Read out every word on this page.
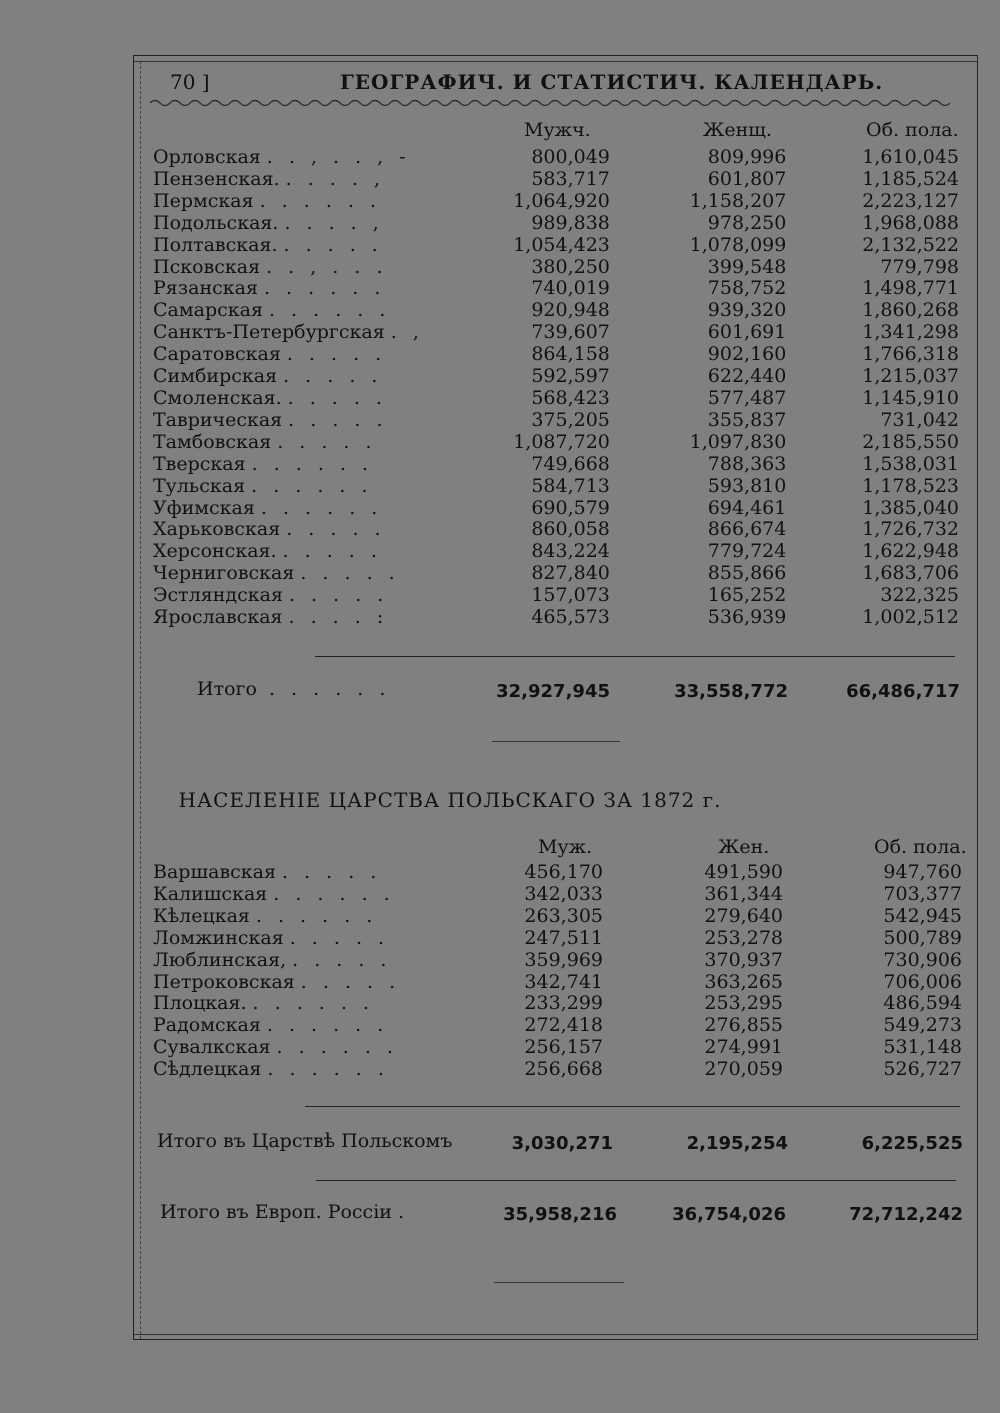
70 ]	ГЕОГРАФИЧ. И СТАТИСТИЧ. КАЛЕНДАРЬ.
Мужч.	Женщ.	Об. пола.
Орловская . . , . . , -		800,049	809,996	1,610,045
Пензенская. . . . . ,		583,717	601,807	1,185,524
Пермская . . . . . .		1,064,920	1,158,207	2,223,127
Подольская. . . . . ,		989,838	978,250	1,968,088
Полтавская. . . . . .		1,054,423	1,078,099	2,132,522
Псковская . . , . . .		380,250	399,548	779,798
Рязанская . . . . . .		740,019	758,752	1,498,771
Самарская . . . . . .		920,948	939,320	1,860,268
Санктъ-Петербургская . ,		739,607	601,691	1,341,298
Саратовская . . . . .		864,158	902,160	1,766,318
Симбирская . . . . .		592,597	622,440	1,215,037
Смоленская. . . . . .		568,423	577,487	1,145,910
Таврическая . . . . .		375,205	355,837	731,042
Тамбовская . . . . .		1,087,720	1,097,830	2,185,550
Тверская . . . . . .		749,668	788,363	1,538,031
Тульская . . . . . .		584,713	593,810	1,178,523
Уфимская . . . . . .		690,579	694,461	1,385,040
Харьковская . . . . .		860,058	866,674	1,726,732
Херсонская. . . . . .		843,224	779,724	1,622,948
Черниговская . . . . .		827,840	855,866	1,683,706
Эстляндская . . . . .		157,073	165,252	322,325
Ярославская . . . . :		465,573	536,939	1,002,512
Итого . . . . . .	32,927,945	33,558,772	66,486,717
НАСЕЛЕНІЕ ЦАРСТВА ПОЛЬСКАГО ЗА 1872 г.
Муж.	Жен.	Об. пола.
Варшавская . . . . .		456,170	491,590	947,760
Калишская . . . . . .		342,033	361,344	703,377
Кѣлецкая . . . . . .		263,305	279,640	542,945
Ломжинская . . . . .		247,511	253,278	500,789
Люблинская, . . . . .		359,969	370,937	730,906
Петроковская . . . . .		342,741	363,265	706,006
Плоцкая. . . . . . .		233,299	253,295	486,594
Радомская . . . . . .		272,418	276,855	549,273
Сувалкская . . . . . .		256,157	274,991	531,148
Сѣдлецкая . . . . . .		256,668	270,059	526,727
Итого въ Царствѣ Польскомъ	3,030,271	2,195,254	6,225,525
Итого въ Европ. Россіи .	35,958,216	36,754,026	72,712,242
